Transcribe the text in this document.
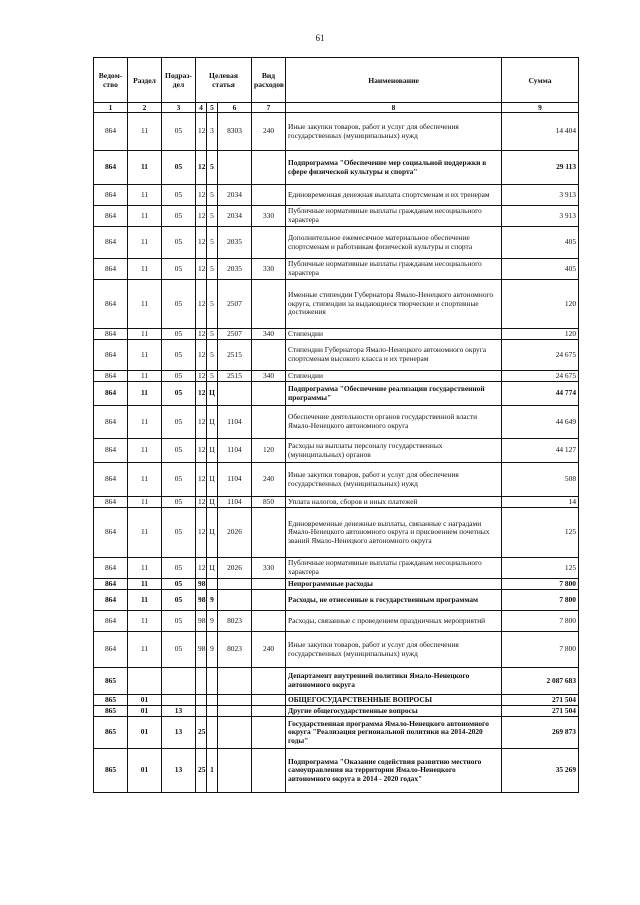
61
Ведом-ство	Раздел	Подраз-дел	Целевая статья			Вид расходов	Наименование	Сумма
1	2	3	4	5	6	7	8	9
864	11	05	12	3	8303	240	Иные закупки товаров, работ и услуг для обеспечения государственных (муниципальных) нужд	14 404
864	11	05	12	5			Подпрограмма "Обеспечение мер социальной поддержки в сфере физической культуры и спорта"	29 113
864	11	05	12	5	2034		Единовременная денежная выплата спортсменам и их тренерам	3 913
864	11	05	12	5	2034	330	Публичные нормативные выплаты гражданам несоциального характера	3 913
864	11	05	12	5	2035		Дополнительное ежемесячное материальное обеспечение спортсменам и работникам физической культуры и спорта	405
864	11	05	12	5	2035	330	Публичные нормативные выплаты гражданам несоциального характера	405
864	11	05	12	5	2507		Именные стипендии Губернатора Ямало-Ненецкого автономного округа, стипендии за выдающиеся творческие и спортивные достижения	120
864	11	05	12	5	2507	340	Стипендии	120
864	11	05	12	5	2515		Стипендии Губернатора Ямало-Ненецкого автономного округа спортсменам высокого класса и их тренерам	24 675
864	11	05	12	5	2515	340	Стипендии	24 675
864	11	05	12	Ц			Подпрограмма "Обеспечение реализации государственной программы"	44 774
864	11	05	12	Ц	1104		Обеспечение деятельности органов государственной власти Ямало-Ненецкого автономного округа	44 649
864	11	05	12	Ц	1104	120	Расходы на выплаты персоналу государственных (муниципальных) органов	44 127
864	11	05	12	Ц	1104	240	Иные закупки товаров, работ и услуг для обеспечения государственных (муниципальных) нужд	508
864	11	05	12	Ц	1104	850	Уплата налогов, сборов и иных платежей	14
864	11	05	12	Ц	2026		Единовременные денежные выплаты, связанные с наградами Ямало-Ненецкого автономного округа и присвоением почетных званий Ямало-Ненецкого автономного округа	125
864	11	05	12	Ц	2026	330	Публичные нормативные выплаты гражданам несоциального характера	125
864	11	05	98				Непрограммные расходы	7 800
864	11	05	98	9			Расходы, не отнесенные к государственным программам	7 800
864	11	05	98	9	8023		Расходы, связанные с проведением праздничных мероприятий	7 800
864	11	05	98	9	8023	240	Иные закупки товаров, работ и услуг для обеспечения государственных (муниципальных) нужд	7 800
865							Департамент внутренней политики Ямало-Ненецкого автономного округа	2 087 683
865	01						ОБЩЕГОСУДАРСТВЕННЫЕ ВОПРОСЫ	271 504
865	01	13					Другие общегосударственные вопросы	271 504
865	01	13	25				Государственная программа Ямало-Ненецкого автономного округа "Реализация региональной политики на 2014-2020 годы"	269 873
865	01	13	25	1			Подпрограмма "Оказание содействия развитию местного самоуправления на территории Ямало-Ненецкого автономного округа в 2014 - 2020 годах"	35 269
